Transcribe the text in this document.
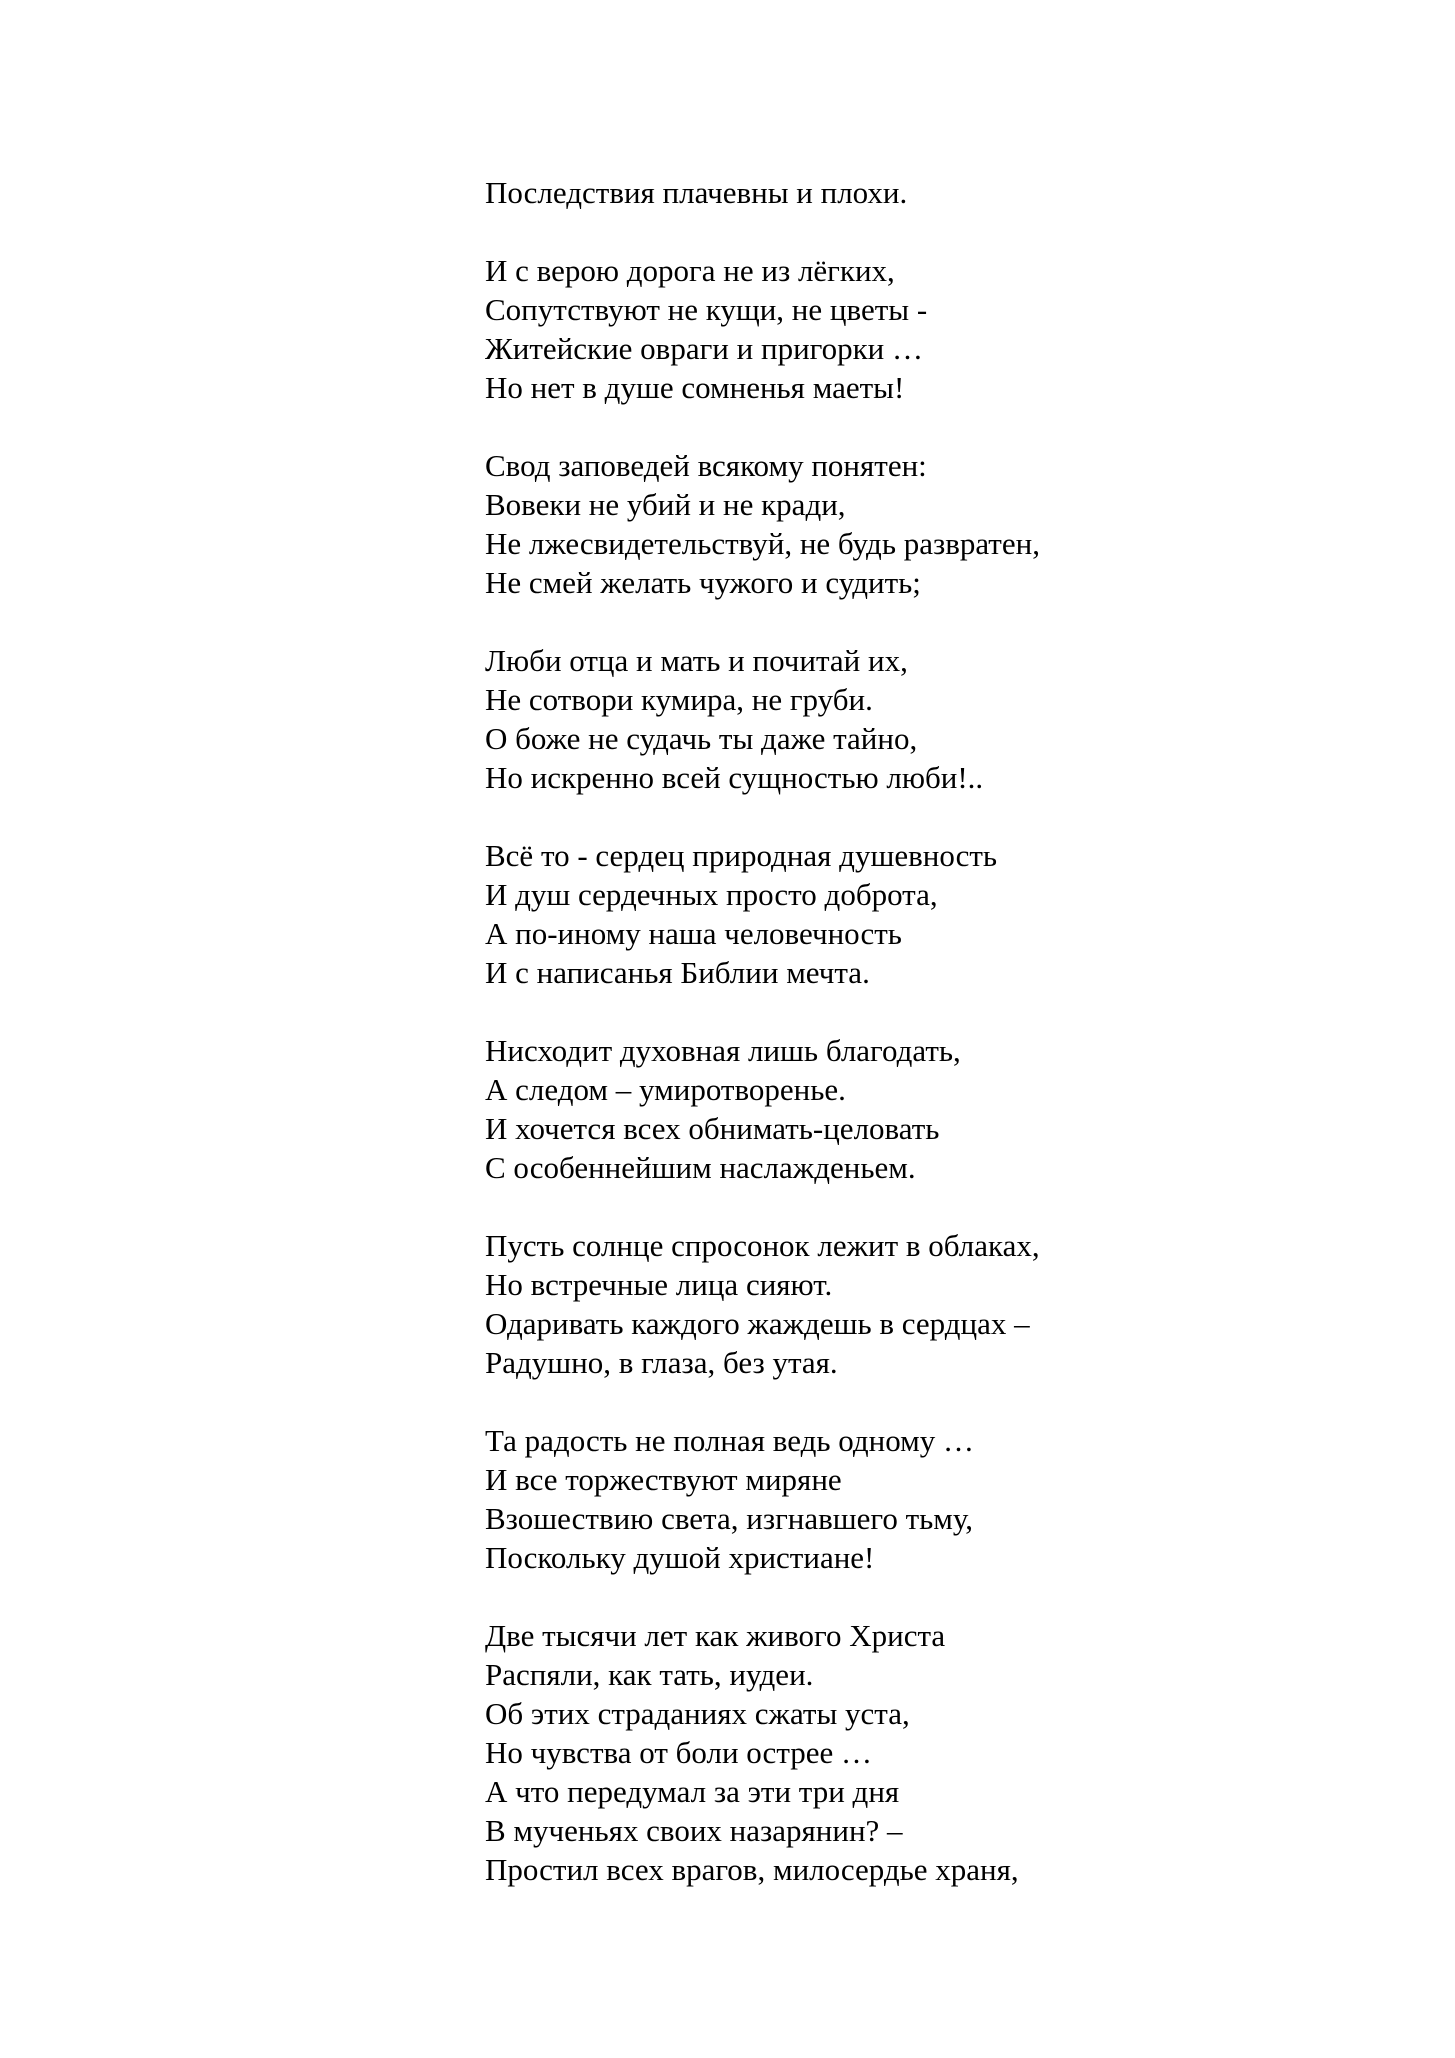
Последствия плачевны и плохи.
И с верою дорога не из лёгких,
Сопутствуют не кущи, не цветы -
Житейские овраги и пригорки …
Но нет в душе сомненья маеты!
Свод заповедей всякому понятен:
Вовеки не убий и не кради,
Не лжесвидетельствуй, не будь развратен,
Не смей желать чужого и судить;
Люби отца и мать и почитай их,
Не сотвори кумира, не груби.
О боже не судачь ты даже тайно,
Но искренно всей сущностью люби!..
Всё то - сердец природная душевность
И душ сердечных просто доброта,
А по-иному наша человечность
И с написанья Библии мечта.
Нисходит духовная лишь благодать,
А следом – умиротворенье.
И хочется всех обнимать-целовать
С особеннейшим наслажденьем.
Пусть солнце спросонок лежит в облаках,
Но встречные лица сияют.
Одаривать каждого жаждешь в сердцах –
Радушно, в глаза, без утая.
Та радость не полная ведь одному …
И все торжествуют миряне
Взошествию света, изгнавшего тьму,
Поскольку душой христиане!
Две тысячи лет как живого Христа
Распяли, как тать, иудеи.
Об этих страданиях сжаты уста,
Но чувства от боли острее …
А что передумал за эти три дня
В мученьях своих назарянин? –
Простил всех врагов, милосердье храня,
